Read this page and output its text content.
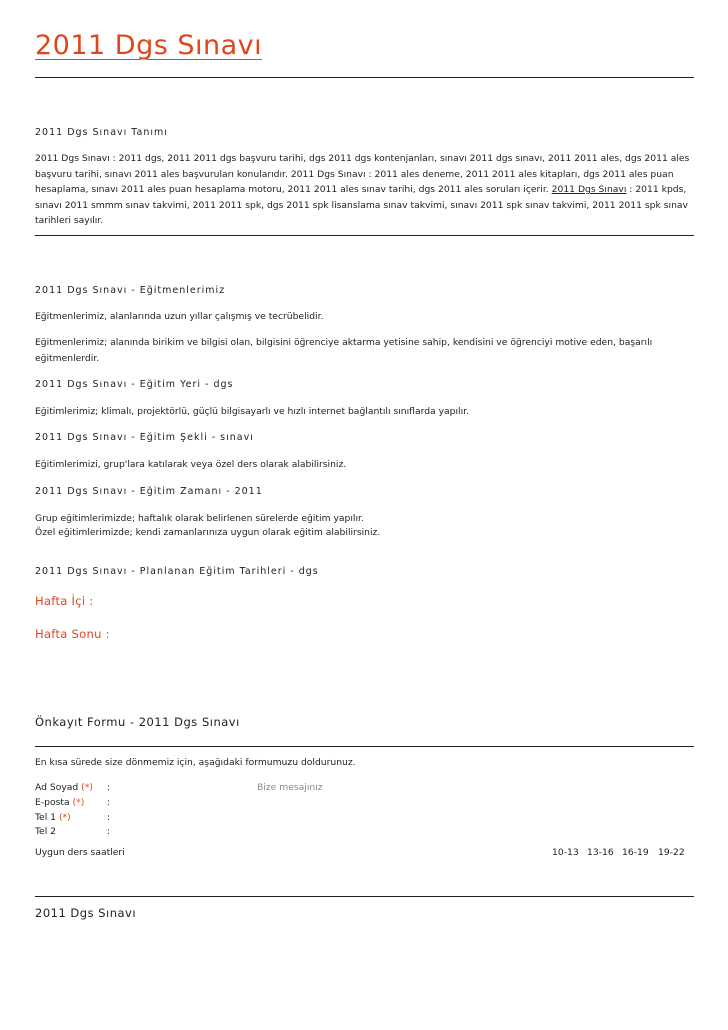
2011 Dgs Sınavı
2011 Dgs Sınavı Tanımı
2011 Dgs Sınavı : 2011 dgs, 2011 2011 dgs başvuru tarihi, dgs 2011 dgs kontenjanları, sınavı 2011 dgs sınavı, 2011 2011 ales, dgs 2011 ales başvuru tarihi, sınavı 2011 ales başvuruları konularıdır. 2011 Dgs Sınavı : 2011 ales deneme, 2011 2011 ales kitapları, dgs 2011 ales puan hesaplama, sınavı 2011 ales puan hesaplama motoru, 2011 2011 ales sınav tarihi, dgs 2011 ales soruları içerir. 2011 Dgs Sınavı : 2011 kpds, sınavı 2011 smmm sınav takvimi, 2011 2011 spk, dgs 2011 spk lisanslama sınav takvimi, sınavı 2011 spk sınav takvimi, 2011 2011 spk sınav tarihleri sayılır.
2011 Dgs Sınavı - Eğitmenlerimiz
Eğitmenlerimiz, alanlarında uzun yıllar çalışmış ve tecrübelidir.
Eğitmenlerimiz; alanında birikim ve bilgisi olan, bilgisini öğrenciye aktarma yetisine sahip, kendisini ve öğrenciyi motive eden, başarılı eğitmenlerdir.
2011 Dgs Sınavı - Eğitim Yeri - dgs
Eğitimlerimiz; klimalı, projektörlü, güçlü bilgisayarlı ve hızlı internet bağlantılı sınıflarda yapılır.
2011 Dgs Sınavı - Eğitim Şekli - sınavı
Eğitimlerimizi, grup'lara katılarak veya özel ders olarak alabilirsiniz.
2011 Dgs Sınavı - Eğitim Zamanı - 2011
Grup eğitimlerimizde; haftalık olarak belirlenen sürelerde eğitim yapılır.
Özel eğitimlerimizde; kendi zamanlarınıza uygun olarak eğitim alabilirsiniz.
2011 Dgs Sınavı - Planlanan Eğitim Tarihleri - dgs
Hafta İçi :
Hafta Sonu :
Önkayıt Formu - 2011 Dgs Sınavı
En kısa sürede size dönmemiz için, aşağıdaki formumuzu doldurunuz.
Ad Soyad (*) :	Bize mesajınız
E-posta (*) :
Tel 1 (*)	:
Tel 2	:
Uygun ders saatleri	10-13 13-16 16-19 19-22
2011 Dgs Sınavı
